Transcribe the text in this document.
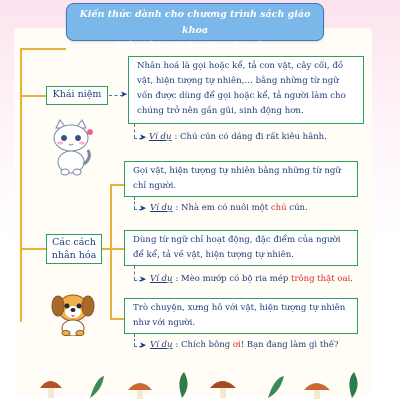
Kiến thức dành cho chương trình sách giáo khoa
Kết nối tri thức với cuộc sống
Khái niệm	➤
Nhân hoá là gọi hoặc kể, tả con vật, cây cối, đồ vật, hiện tượng tự nhiên,… bằng những từ ngữ vốn được dùng để gọi hoặc kể, tả người làm cho chúng trở nên gần gũi, sinh động hơn.
➤ Ví dụ : Chú cún có dáng đi rất kiêu hãnh.
Các cách
nhân hóa
Gọi vật, hiện tượng tự nhiên bằng những từ ngữ chỉ người.
➤ Ví dụ : Nhà em có nuôi một chú cún.
Dùng từ ngữ chỉ hoạt động, đặc điểm của người để kể, tả về vật, hiện tượng tự nhiên.
➤ Ví dụ : Mèo mướp có bộ ria mép trông thật oai.
Trò chuyện, xưng hô với vật, hiện tượng tự nhiên như với người.
➤ Ví dụ : Chích bông ơi! Bạn đang làm gì thế?
